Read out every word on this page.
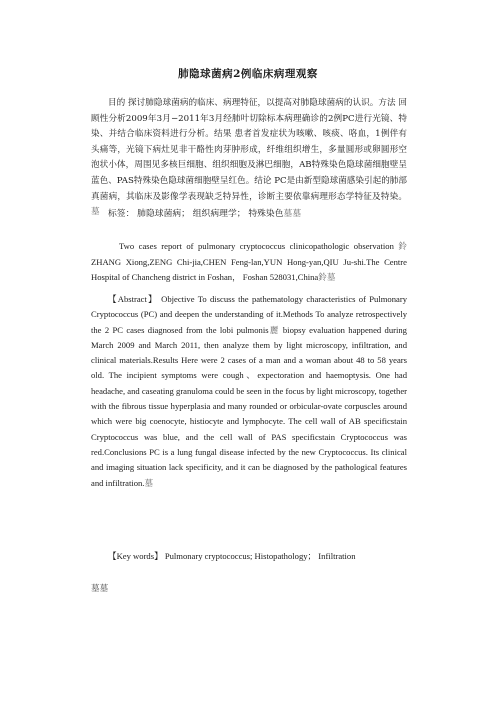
肺隐球菌病2例临床病理观察
目的 探讨肺隐球菌病的临床、病理特征，以提高对肺隐球菌病的认识。方法 回顾性分析2009年3月−2011年3月经肺叶切除标本病理确诊的2例PC进行光镜、特染、并结合临床资料进行分析。结果 患者首发症状为咳嗽、咳痰、咯血，1例伴有头痛等，光镜下病灶见非干酪性肉芽肿形成，纤维组织增生，多量圆形或卵圆形空泡状小体，周围见多核巨细胞、组织细胞及淋巴细胞，AB特殊染色隐球菌细胞壁呈蓝色、PAS特殊染色隐球菌细胞壁呈红色。结论 PC是由新型隐球菌感染引起的肺部真菌病，其临床及影像学表现缺乏特异性，诊断主要依靠病理形态学特征及特染。墓 标签： 肺隐球菌病； 组织病理学； 特殊染色墓墓
Two cases report of pulmonary cryptococcus clinicopathologic observation 鈴ZHANG Xiong,ZENG Chi-jia,CHEN Feng-lan,YUN Hong-yan,QIU Ju-shi.The Centre Hospital of Chancheng district in Foshan， Foshan 528031,China鈴墓
【Abstract】 Objective To discuss the pathematology characteristics of Pulmonary Cryptococcus (PC) and deepen the understanding of it.Methods To analyze retrospectively the 2 PC cases diagnosed from the lobi pulmonis麗 biopsy evaluation happened during March 2009 and March 2011, then analyze them by light microscopy, infiltration, and clinical materials.Results Here were 2 cases of a man and a woman about 48 to 58 years old. The incipient symptoms were cough、expectoration and haemoptysis. One had headache, and caseating granuloma could be seen in the focus by light microscopy, together with the fibrous tissue hyperplasia and many rounded or orbicular-ovate corpuscles around which were big coenocyte, histiocyte and lymphocyte. The cell wall of AB specificstain Cryptococcus was blue, and the cell wall of PAS specificstain Cryptococcus was red.Conclusions PC is a lung fungal disease infected by the new Cryptococcus. Its clinical and imaging situation lack specificity, and it can be diagnosed by the pathological features and infiltration.墓
【Key words】 Pulmonary cryptococcus; Histopathology； Infiltration
墓墓
